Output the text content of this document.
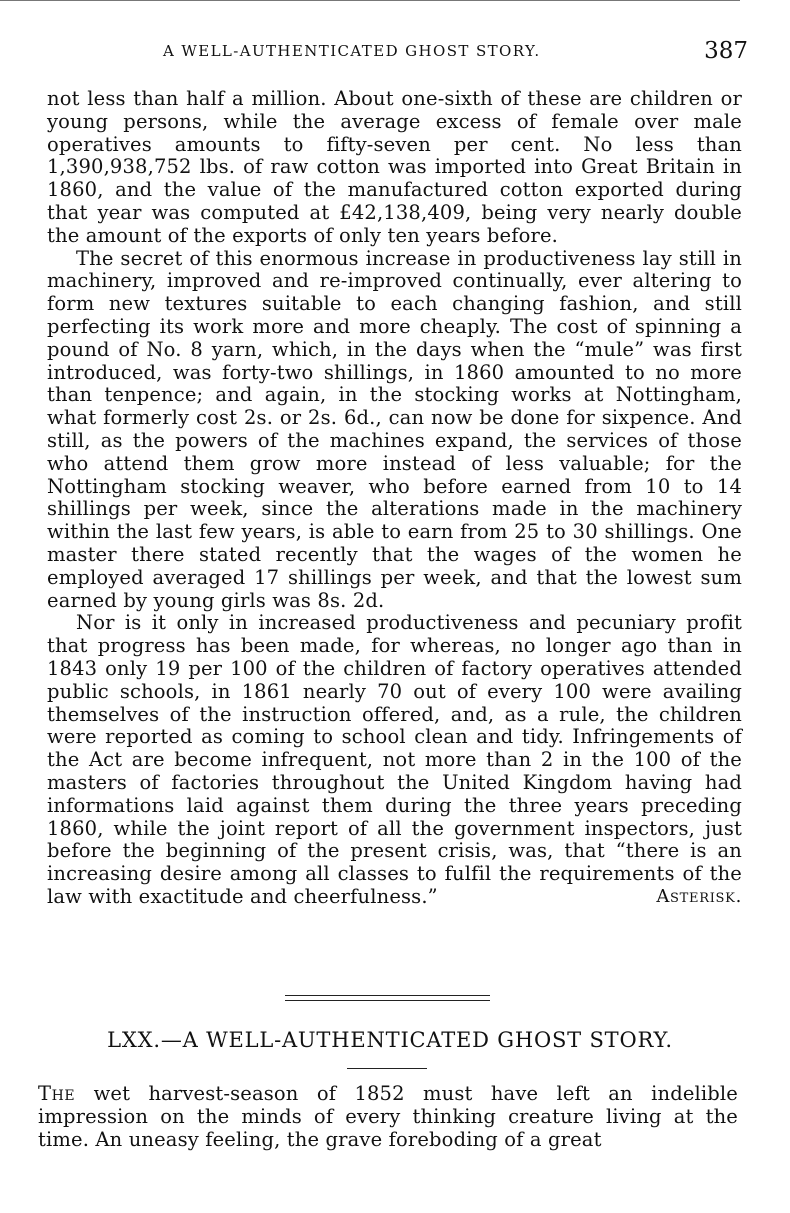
A WELL-AUTHENTICATED GHOST STORY.	387

not less than half a million. About one-sixth of these are children or young persons, while the average excess of female over male operatives amounts to fifty-seven per cent. No less than 1,390,938,752 lbs. of raw cotton was imported into Great Britain in 1860, and the value of the manufactured cotton exported during that year was computed at £42,138,409, being very nearly double the amount of the exports of only ten years before.

The secret of this enormous increase in productiveness lay still in machinery, improved and re-improved continually, ever altering to form new textures suitable to each changing fashion, and still perfecting its work more and more cheaply. The cost of spinning a pound of No. 8 yarn, which, in the days when the “mule” was first introduced, was forty-two shillings, in 1860 amounted to no more than tenpence; and again, in the stocking works at Nottingham, what formerly cost 2s. or 2s. 6d., can now be done for sixpence. And still, as the powers of the machines expand, the services of those who attend them grow more instead of less valuable; for the Nottingham stocking weaver, who before earned from 10 to 14 shillings per week, since the alterations made in the machinery within the last few years, is able to earn from 25 to 30 shillings. One master there stated recently that the wages of the women he employed averaged 17 shillings per week, and that the lowest sum earned by young girls was 8s. 2d.

Nor is it only in increased productiveness and pecuniary profit that progress has been made, for whereas, no longer ago than in 1843 only 19 per 100 of the children of factory operatives attended public schools, in 1861 nearly 70 out of every 100 were availing themselves of the instruction offered, and, as a rule, the children were reported as coming to school clean and tidy. Infringements of the Act are become infrequent, not more than 2 in the 100 of the masters of factories throughout the United Kingdom having had informations laid against them during the three years preceding 1860, while the joint report of all the government inspectors, just before the beginning of the present crisis, was, that “there is an increasing desire among all classes to fulfil the requirements of the law with exactitude and cheerfulness.”	Asterisk.

LXX.—A WELL-AUTHENTICATED GHOST STORY.

The wet harvest-season of 1852 must have left an indelible impression on the minds of every thinking creature living at the time. An uneasy feeling, the grave foreboding of a great
